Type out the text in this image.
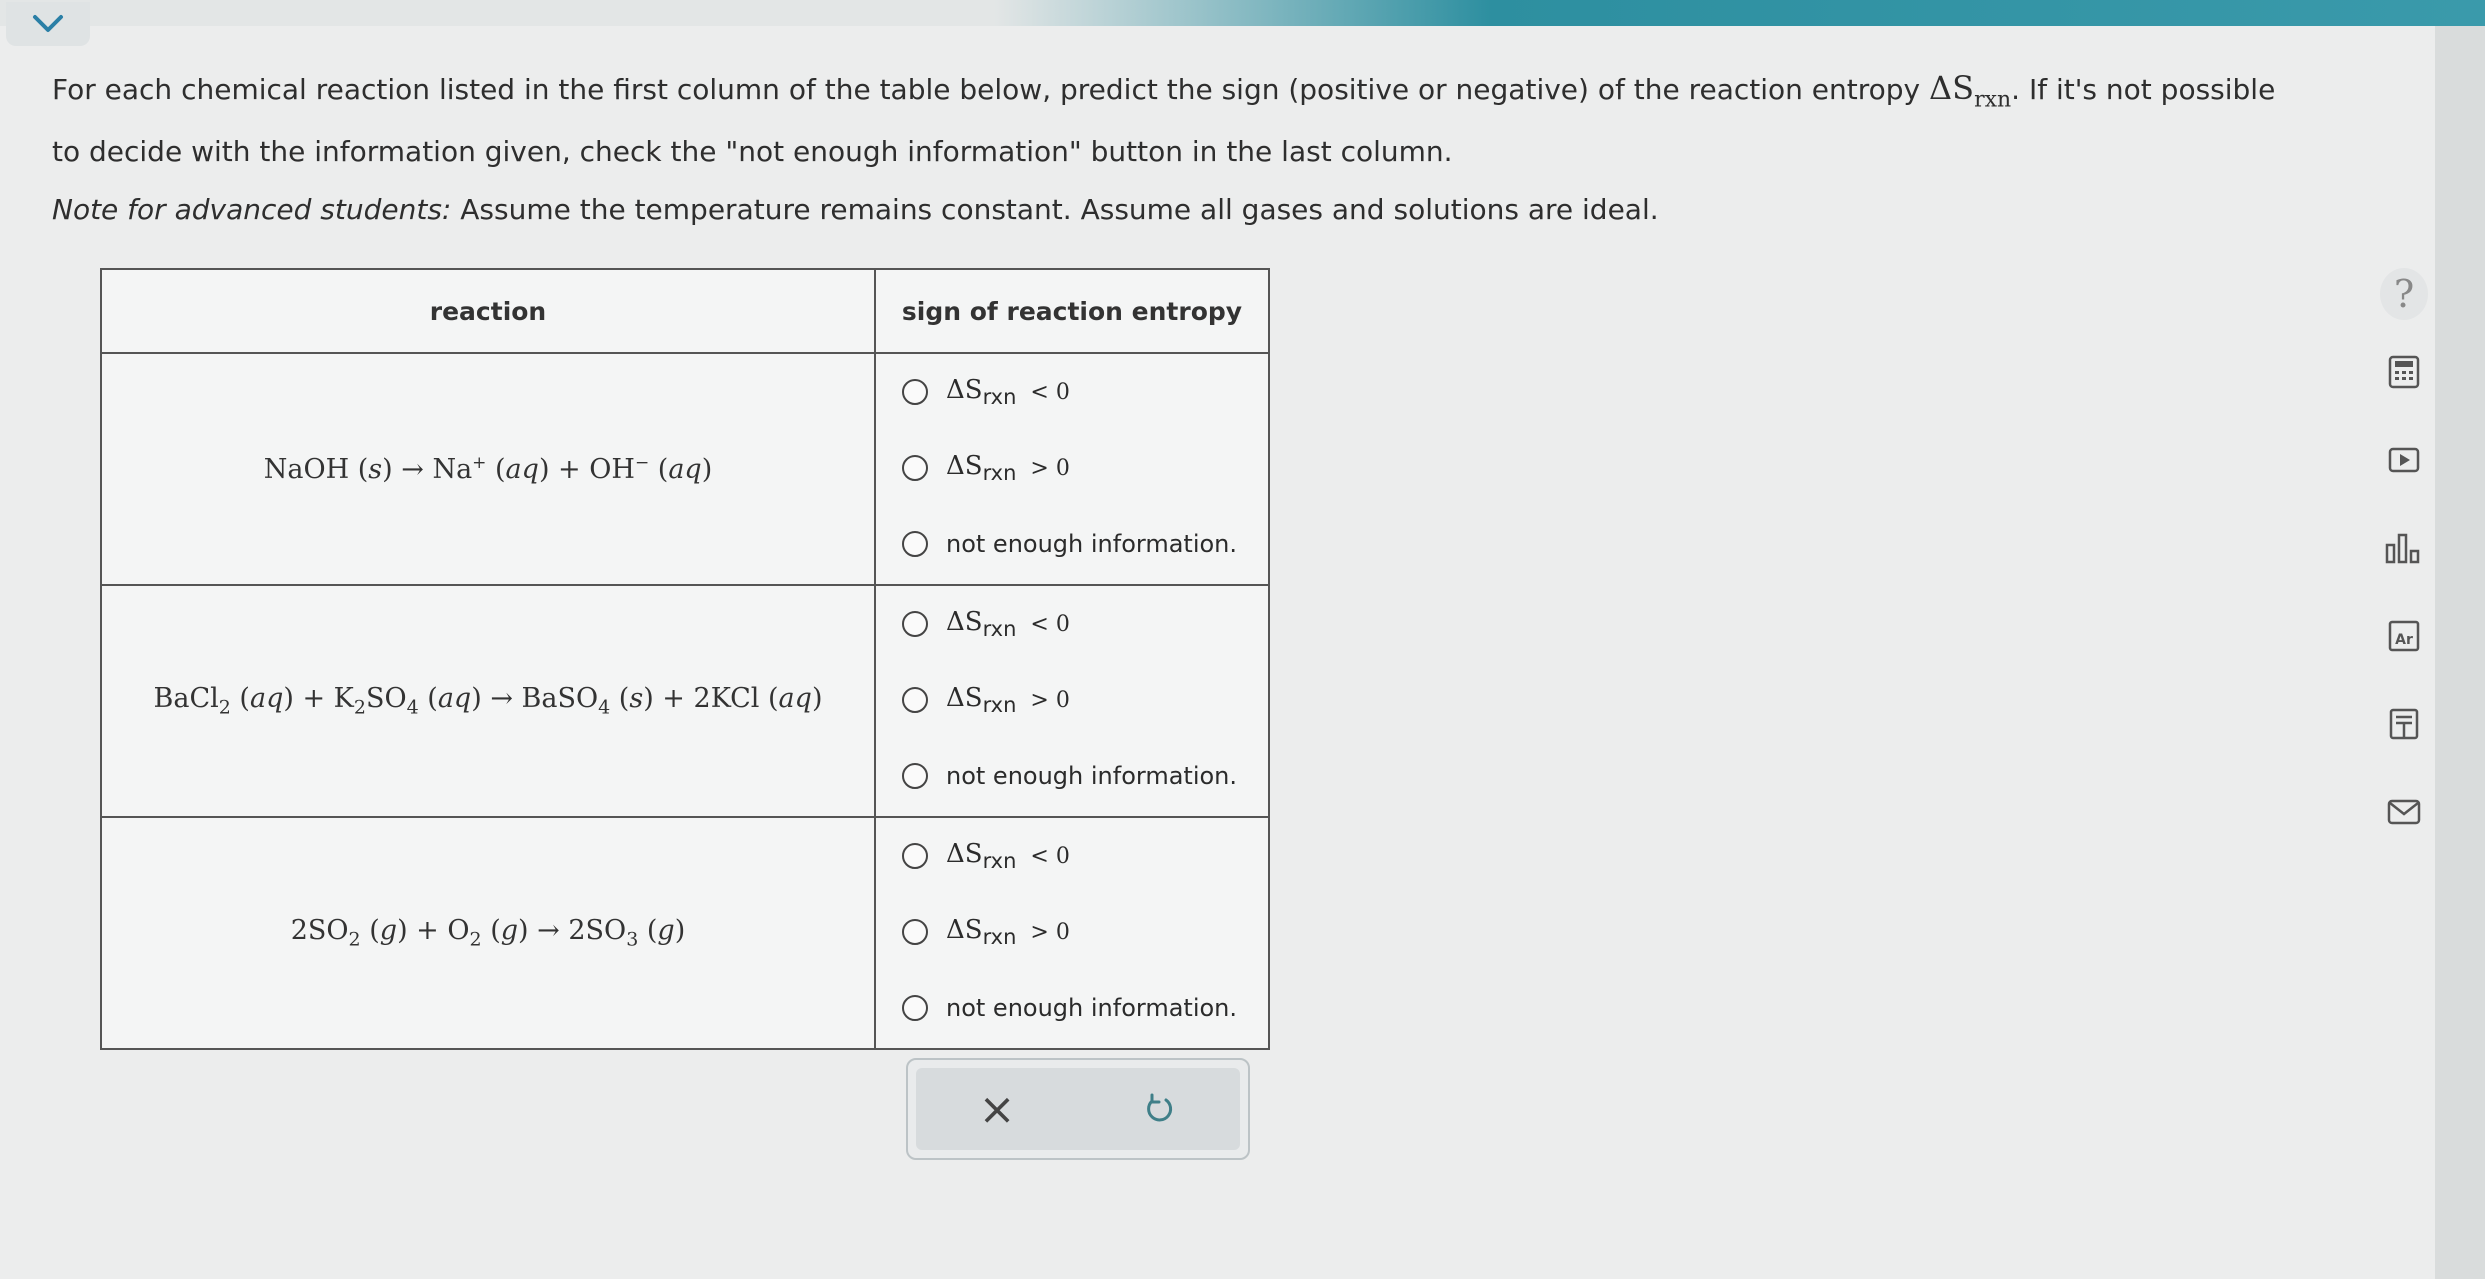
For each chemical reaction listed in the first column of the table below, predict the sign (positive or negative) of the reaction entropy $\Delta S_{rxn}$. If it's not possible

to decide with the information given, check the "not enough information" button in the last column.

Note for advanced students: Assume the temperature remains constant. Assume all gases and solutions are ideal.

reaction	sign of reaction entropy
NaOH (s) → Na+ (aq) + OH− (aq)	$\Delta S_{rxn} < 0$
$\Delta S_{rxn} > 0$
not enough information.

BaCl$_2$ $(aq) + K_2SO_4$ (aq) → BaSO$_4$ (s) + 2KCl (aq)	$\Delta S_{rxn} < 0$
$\Delta S_{rxn} > 0$
not enough information.

$2SO_2$ $(g) + O_2$ $(g) \to 2SO_3$ (g)	$\Delta S_{rxn} < 0$
$\Delta S_{rxn} > 0$
not enough information.
×
?
Ar
